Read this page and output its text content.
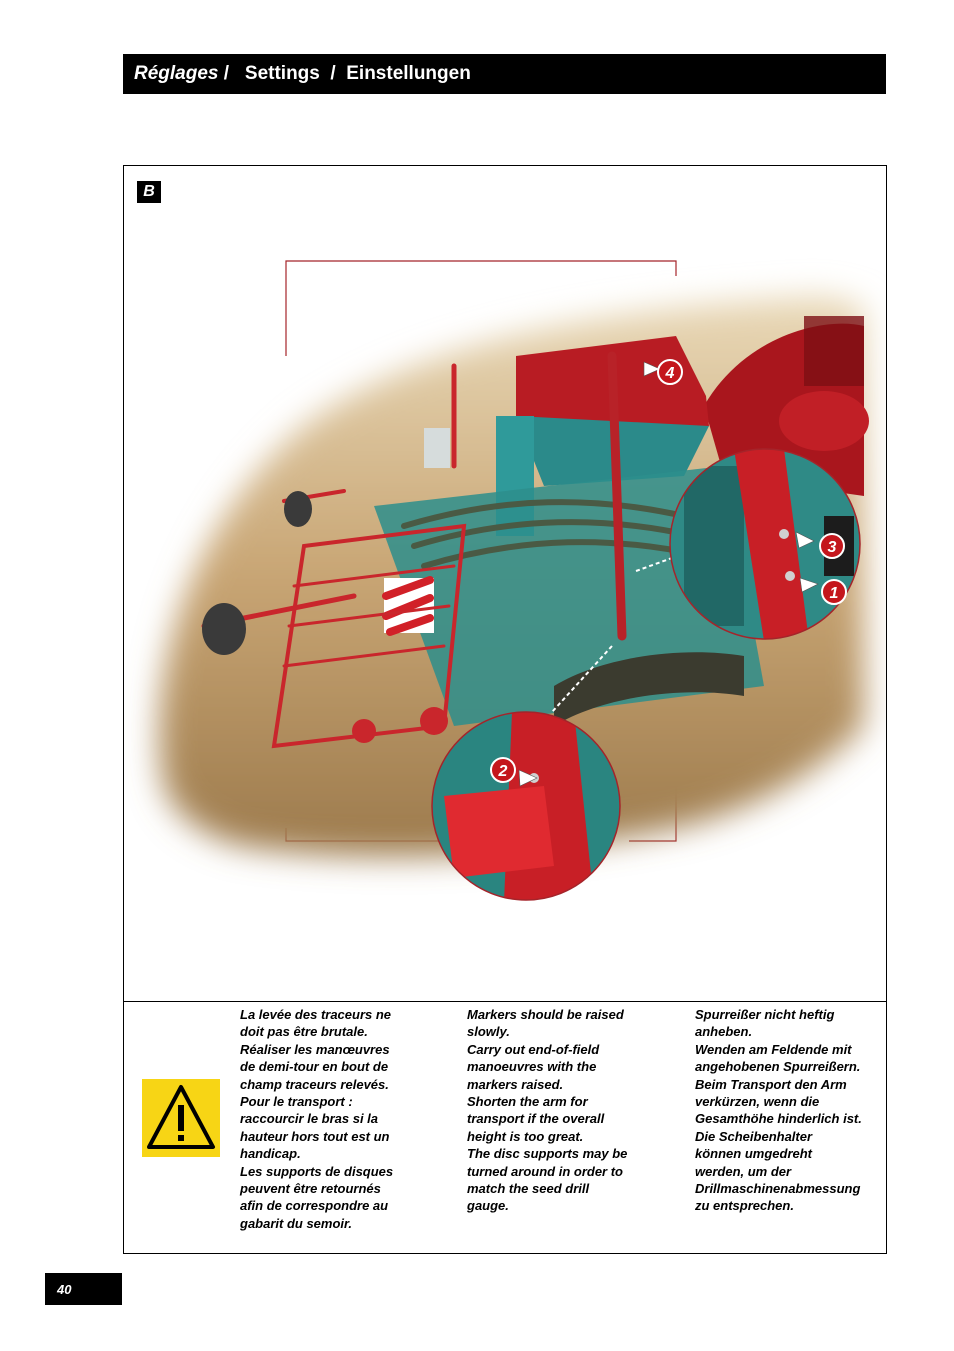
Réglages / Settings / Einstellungen
4
3
1
2
B
La levée des traceurs ne
doit pas être brutale.
Réaliser les manœuvres
de demi-tour en bout de
champ traceurs relevés.
Pour le transport :
raccourcir le bras si la
hauteur hors tout est un
handicap.
Les supports de disques
peuvent être retournés
afin de correspondre au
gabarit du semoir.
Markers should be raised
slowly.
Carry out end-of-field
manoeuvres with the
markers raised.
Shorten the arm for
transport if the overall
height is too great.
The disc supports may be
turned around in order to
match the seed drill
gauge.
Spurreißer nicht heftig
anheben.
Wenden am Feldende mit
angehobenen Spurreißern.
Beim Transport den Arm
verkürzen, wenn die
Gesamthöhe hinderlich ist.
Die Scheibenhalter
können umgedreht
werden, um der
Drillmaschinenabmessung
zu entsprechen.
40
